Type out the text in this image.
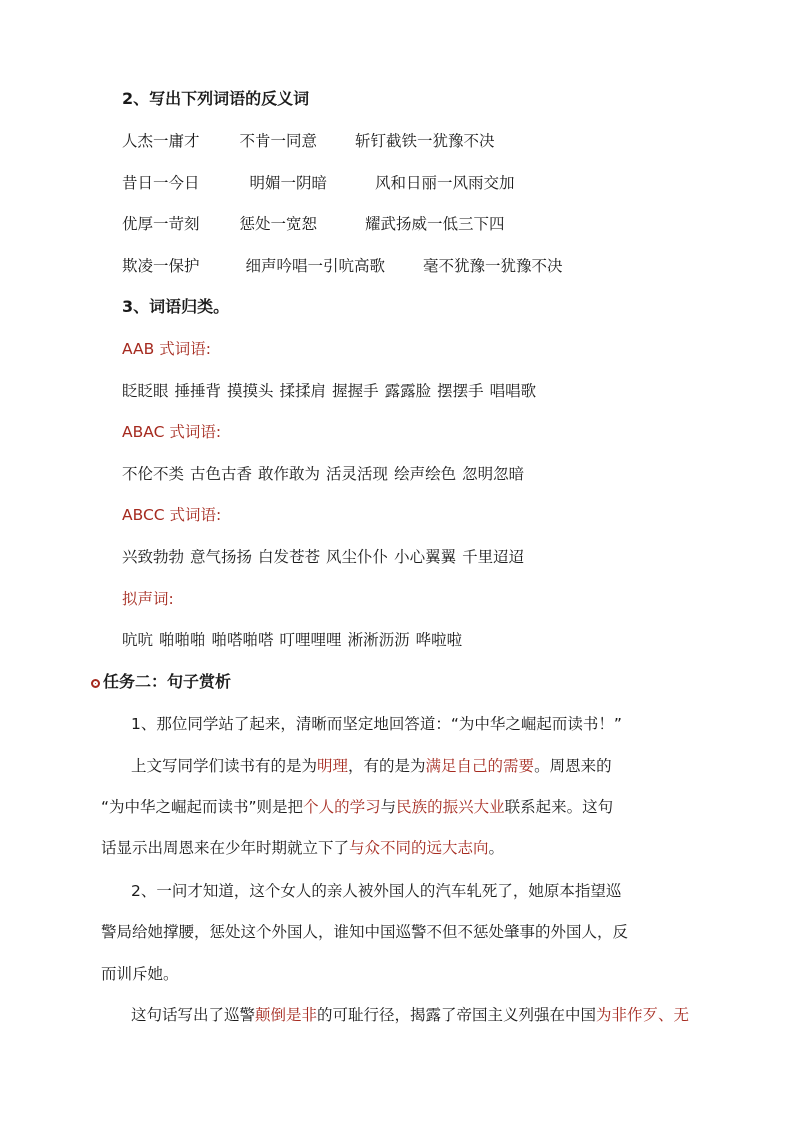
2、写出下列词语的反义词
人杰一庸才	不肯一同意 斩钉截铁一犹豫不决
昔日一今日	明媚一阴暗	风和日丽一风雨交加
优厚一苛刻	惩处一宽恕	耀武扬威一低三下四
欺凌一保护	细声吟唱一引吭高歌 毫不犹豫一犹豫不决
3、词语归类。
AAB 式词语:
眨眨眼 捶捶背 摸摸头 揉揉肩 握握手 露露脸 摆摆手 唱唱歌
ABAC 式词语:
不伦不类 古色古香 敢作敢为 活灵活现 绘声绘色 忽明忽暗
ABCC 式词语:
兴致勃勃 意气扬扬 白发苍苍 风尘仆仆 小心翼翼 千里迢迢
拟声词:
吭吭 啪啪啪 啪嗒啪嗒 叮哩哩哩 淅淅沥沥 哗啦啦
任务二：句子赏析
1、那位同学站了起来，清晰而坚定地回答道：“为中华之崛起而读书！”
上文写同学们读书有的是为明理，有的是为满足自己的需要。周恩来的
“为中华之崛起而读书”则是把个人的学习与民族的振兴大业联系起来。这句
话显示出周恩来在少年时期就立下了与众不同的远大志向。
2、一问才知道，这个女人的亲人被外国人的汽车轧死了，她原本指望巡
警局给她撑腰，惩处这个外国人，谁知中国巡警不但不惩处肇事的外国人，反
而训斥她。
这句话写出了巡警颠倒是非的可耻行径，揭露了帝国主义列强在中国为非作歹、无
